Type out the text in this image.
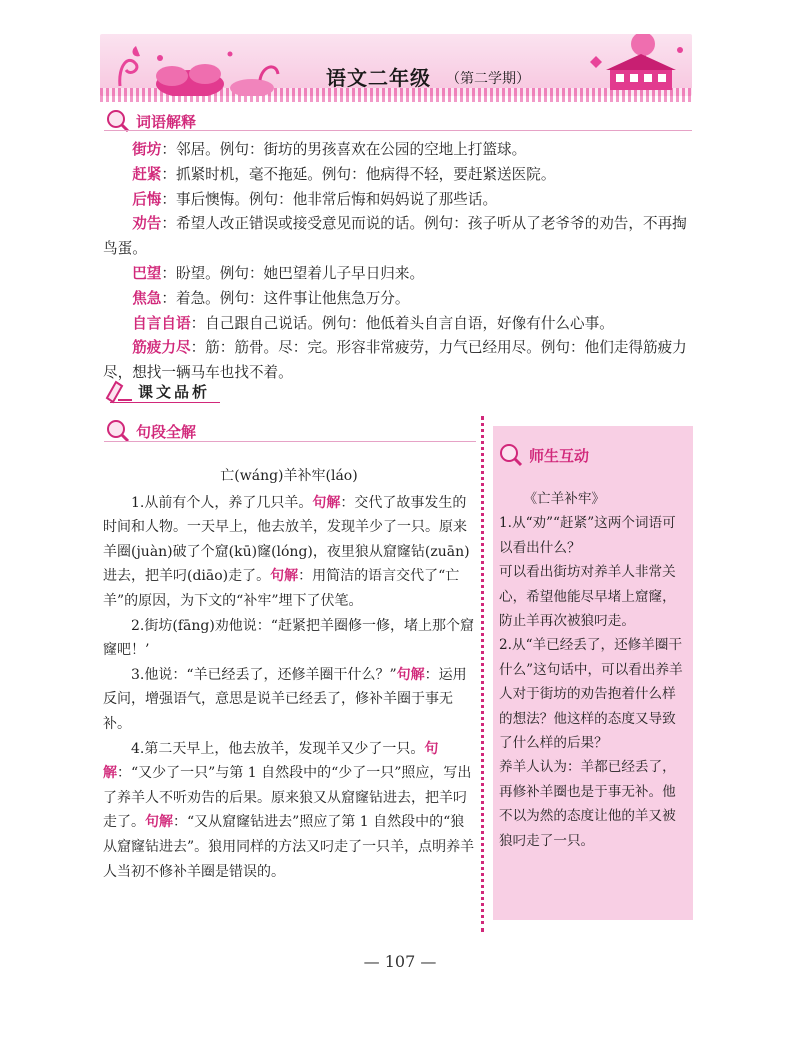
语文二年级 （第二学期）
词语解释

街坊：邻居。例句：街坊的男孩喜欢在公园的空地上打篮球。

赶紧：抓紧时机，毫不拖延。例句：他病得不轻，要赶紧送医院。

后悔：事后懊悔。例句：他非常后悔和妈妈说了那些话。

劝告：希望人改正错误或接受意见而说的话。例句：孩子听从了老爷爷的劝告，不再掏鸟蛋。

巴望：盼望。例句：她巴望着儿子早日归来。

焦急：着急。例句：这件事让他焦急万分。

自言自语：自己跟自己说话。例句：他低着头自言自语，好像有什么心事。

筋疲力尽：筋：筋骨。尽：完。形容非常疲劳，力气已经用尽。例句：他们走得筋疲力尽，想找一辆马车也找不着。

课文品析
句段全解

亡(wáng)羊补牢(láo)

1.从前有个人，养了几只羊。句解：交代了故事发生的时间和人物。一天早上，他去放羊，发现羊少了一只。原来羊圈(juàn)破了个窟(kū)窿(lóng)，夜里狼从窟窿钻(zuān)进去，把羊叼(diāo)走了。句解：用简洁的语言交代了“亡羊”的原因，为下文的“补牢”埋下了伏笔。

2.街坊(fāng)劝他说：“赶紧把羊圈修一修，堵上那个窟窿吧！’

3.他说：“羊已经丢了，还修羊圈干什么？”句解：运用反问，增强语气，意思是说羊已经丢了，修补羊圈于事无补。

4.第二天早上，他去放羊，发现羊又少了一只。句解：“又少了一只”与第 1 自然段中的“少了一只”照应，写出了养羊人不听劝告的后果。原来狼又从窟窿钻进去，把羊叼走了。句解：“又从窟窿钻进去”照应了第 1 自然段中的“狼从窟窿钻进去”。狼用同样的方法又叼走了一只羊，点明养羊人当初不修补羊圈是错误的。

师生互动

《亡羊补牢》

1.从“劝”“赶紧”这两个词语可以看出什么？

可以看出街坊对养羊人非常关心，希望他能尽早堵上窟窿，防止羊再次被狼叼走。

2.从“羊已经丢了，还修羊圈干什么”这句话中，可以看出养羊人对于街坊的劝告抱着什么样的想法？他这样的态度又导致了什么样的后果？

养羊人认为：羊都已经丢了，再修补羊圈也是于事无补。他不以为然的态度让他的羊又被狼叼走了一只。

— 107 —
